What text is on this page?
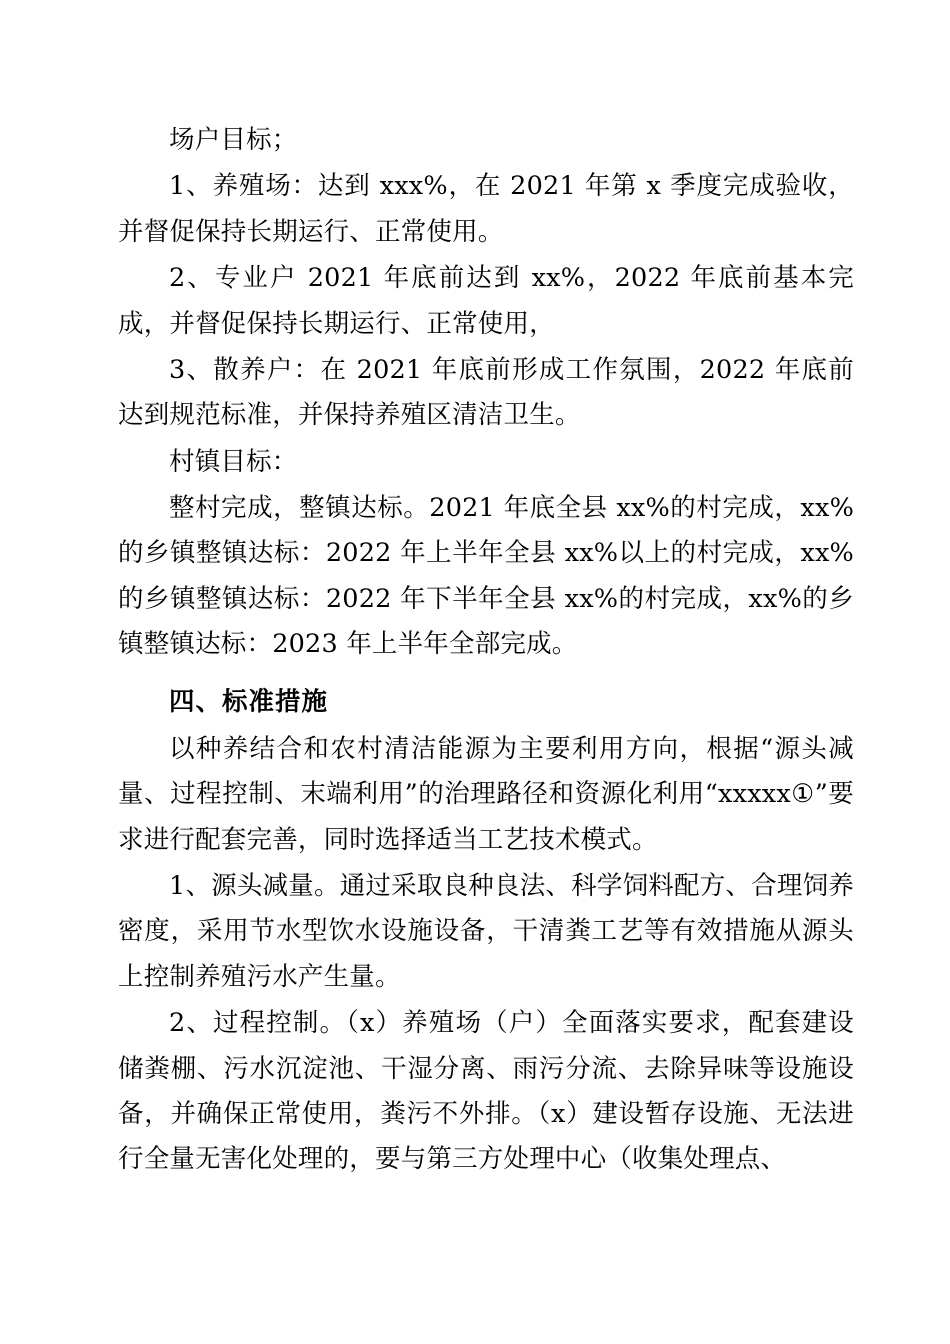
场户目标；

1、养殖场：达到 xxx%，在 2021 年第 x 季度完成验收，并督促保持长期运行、正常使用。

2、专业户 2021 年底前达到 xx%，2022 年底前基本完成，并督促保持长期运行、正常使用，

3、散养户：在 2021 年底前形成工作氛围，2022 年底前达到规范标准，并保持养殖区清洁卫生。

村镇目标：

整村完成，整镇达标。2021 年底全县 xx%的村完成，xx%的乡镇整镇达标：2022 年上半年全县 xx%以上的村完成，xx%的乡镇整镇达标：2022 年下半年全县 xx%的村完成，xx%的乡镇整镇达标：2023 年上半年全部完成。

四、标准措施

以种养结合和农村清洁能源为主要利用方向，根据“源头减量、过程控制、末端利用”的治理路径和资源化利用“xxxxx①”要求进行配套完善，同时选择适当工艺技术模式。

1、源头减量。通过采取良种良法、科学饲料配方、合理饲养密度，采用节水型饮水设施设备，干清粪工艺等有效措施从源头上控制养殖污水产生量。

2、过程控制。（x）养殖场（户）全面落实要求，配套建设储粪棚、污水沉淀池、干湿分离、雨污分流、去除异味等设施设备，并确保正常使用，粪污不外排。（x）建设暂存设施、无法进行全量无害化处理的，要与第三方处理中心（收集处理点、
